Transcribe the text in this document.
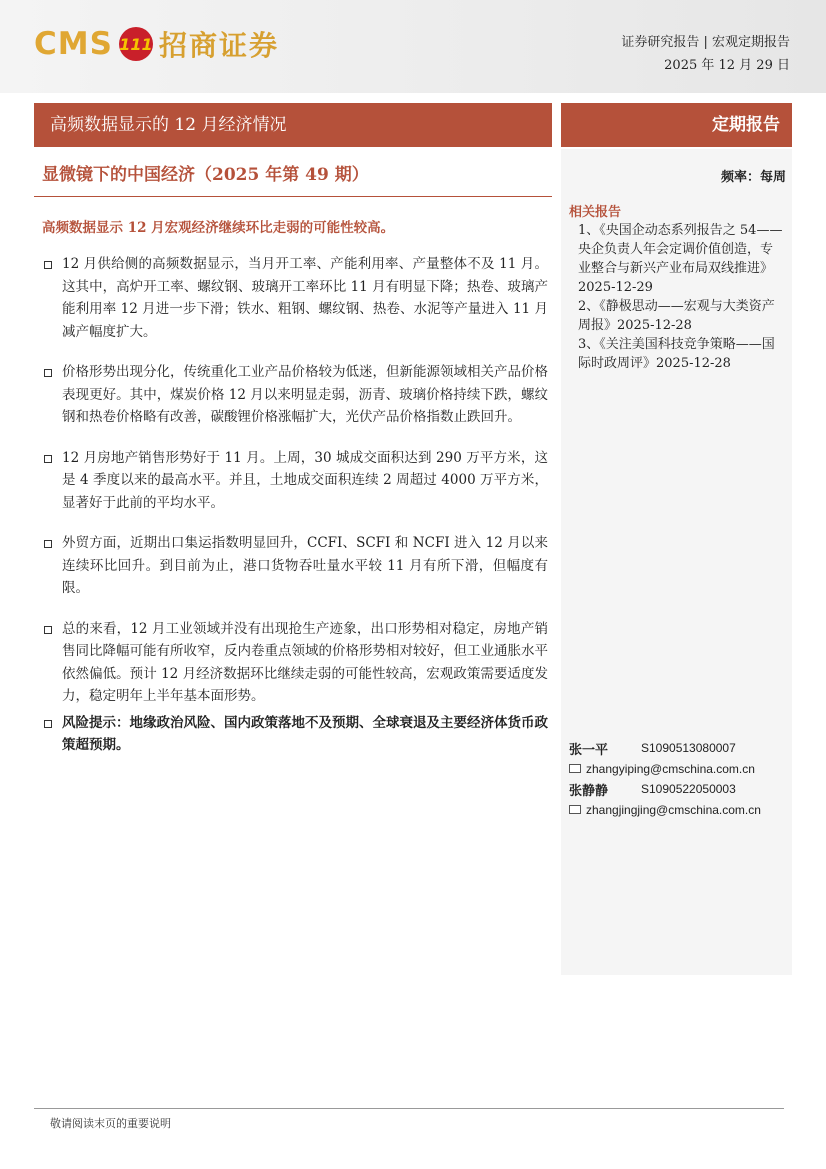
CMS 111 招商证券	证券研究报告 | 宏观定期报告
2025 年 12 月 29 日
高频数据显示的 12 月经济情况	定期报告
显微镜下的中国经济（2025 年第 49 期）	频率：每周
相关报告
1、《央国企动态系列报告之 54——央企负责人年会定调价值创造，专业整合与新兴产业布局双线推进》2025-12-29
2、《静极思动——宏观与大类资产周报》2025-12-28
3、《关注美国科技竞争策略——国际时政周评》2025-12-28
高频数据显示 12 月宏观经济继续环比走弱的可能性较高。
12 月供给侧的高频数据显示，当月开工率、产能利用率、产量整体不及 11 月。这其中，高炉开工率、螺纹钢、玻璃开工率环比 11 月有明显下降；热卷、玻璃产能利用率 12 月进一步下滑；铁水、粗钢、螺纹钢、热卷、水泥等产量进入 11 月减产幅度扩大。
价格形势出现分化，传统重化工业产品价格较为低迷，但新能源领域相关产品价格表现更好。其中，煤炭价格 12 月以来明显走弱，沥青、玻璃价格持续下跌，螺纹钢和热卷价格略有改善，碳酸锂价格涨幅扩大，光伏产品价格指数止跌回升。
12 月房地产销售形势好于 11 月。上周，30 城成交面积达到 290 万平方米，这是 4 季度以来的最高水平。并且，土地成交面积连续 2 周超过 4000 万平方米，显著好于此前的平均水平。
外贸方面，近期出口集运指数明显回升，CCFI、SCFI 和 NCFI 进入 12 月以来连续环比回升。到目前为止，港口货物吞吐量水平较 11 月有所下滑，但幅度有限。
总的来看，12 月工业领域并没有出现抢生产迹象，出口形势相对稳定，房地产销售同比降幅可能有所收窄，反内卷重点领域的价格形势相对较好，但工业通胀水平依然偏低。预计 12 月经济数据环比继续走弱的可能性较高，宏观政策需要适度发力，稳定明年上半年基本面形势。
风险提示：地缘政治风险、国内政策落地不及预期、全球衰退及主要经济体货币政策超预期。	张一平	S1090513080007
zhangyiping@cmschina.com.cn
张静静	S1090522050003
zhangjingjing@cmschina.com.cn
敬请阅读末页的重要说明
